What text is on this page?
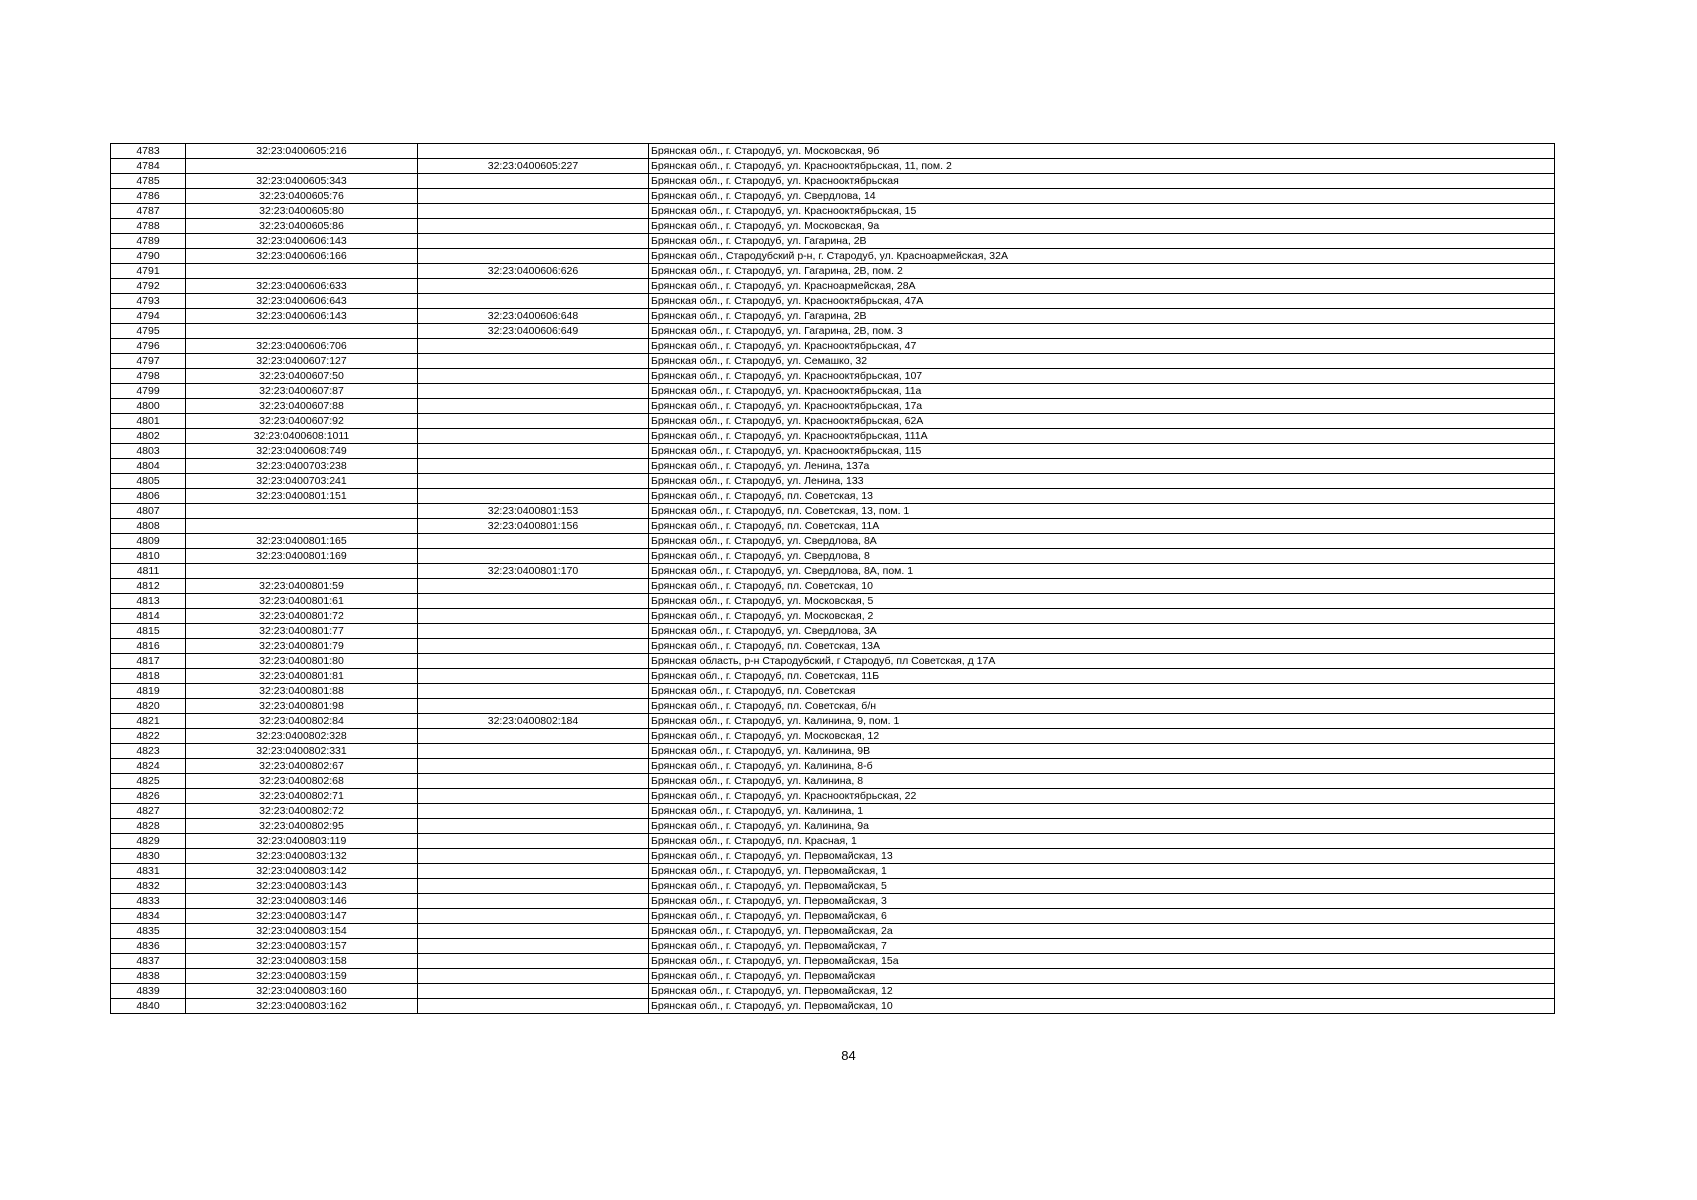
4783	32:23:0400605:216		Брянская обл., г. Стародуб, ул. Московская, 9б
4784		32:23:0400605:227	Брянская обл., г. Стародуб, ул. Краснооктябрьская, 11, пом. 2
4785	32:23:0400605:343		Брянская обл., г. Стародуб, ул. Краснооктябрьская
4786	32:23:0400605:76		Брянская обл., г. Стародуб, ул. Свердлова, 14
4787	32:23:0400605:80		Брянская обл., г. Стародуб, ул. Краснооктябрьская, 15
4788	32:23:0400605:86		Брянская обл., г. Стародуб, ул. Московская, 9а
4789	32:23:0400606:143		Брянская обл., г. Стародуб, ул. Гагарина, 2В
4790	32:23:0400606:166		Брянская обл., Стародубский р-н, г. Стародуб, ул. Красноармейская, 32А
4791		32:23:0400606:626	Брянская обл., г. Стародуб, ул. Гагарина, 2В, пом. 2
4792	32:23:0400606:633		Брянская обл., г. Стародуб, ул. Красноармейская, 28А
4793	32:23:0400606:643		Брянская обл., г. Стародуб, ул. Краснооктябрьская, 47А
4794	32:23:0400606:143	32:23:0400606:648	Брянская обл., г. Стародуб, ул. Гагарина, 2В
4795		32:23:0400606:649	Брянская обл., г. Стародуб, ул. Гагарина, 2В, пом. 3
4796	32:23:0400606:706		Брянская обл., г. Стародуб, ул. Краснооктябрьская, 47
4797	32:23:0400607:127		Брянская обл., г. Стародуб, ул. Семашко, 32
4798	32:23:0400607:50		Брянская обл., г. Стародуб, ул. Краснооктябрьская, 107
4799	32:23:0400607:87		Брянская обл., г. Стародуб, ул. Краснооктябрьская, 11а
4800	32:23:0400607:88		Брянская обл., г. Стародуб, ул. Краснооктябрьская, 17а
4801	32:23:0400607:92		Брянская обл., г. Стародуб, ул. Краснооктябрьская, 62А
4802	32:23:0400608:1011		Брянская обл., г. Стародуб, ул. Краснооктябрьская, 111А
4803	32:23:0400608:749		Брянская обл., г. Стародуб, ул. Краснооктябрьская, 115
4804	32:23:0400703:238		Брянская обл., г. Стародуб, ул. Ленина, 137а
4805	32:23:0400703:241		Брянская обл., г. Стародуб, ул. Ленина, 133
4806	32:23:0400801:151		Брянская обл., г. Стародуб, пл. Советская, 13
4807		32:23:0400801:153	Брянская обл., г. Стародуб, пл. Советская, 13, пом. 1
4808		32:23:0400801:156	Брянская обл., г. Стародуб, пл. Советская, 11А
4809	32:23:0400801:165		Брянская обл., г. Стародуб, ул. Свердлова, 8А
4810	32:23:0400801:169		Брянская обл., г. Стародуб, ул. Свердлова, 8
4811		32:23:0400801:170	Брянская обл., г. Стародуб, ул. Свердлова, 8А, пом. 1
4812	32:23:0400801:59		Брянская обл., г. Стародуб, пл. Советская, 10
4813	32:23:0400801:61		Брянская обл., г. Стародуб, ул. Московская, 5
4814	32:23:0400801:72		Брянская обл., г. Стародуб, ул. Московская, 2
4815	32:23:0400801:77		Брянская обл., г. Стародуб, ул. Свердлова, 3А
4816	32:23:0400801:79		Брянская обл., г. Стародуб, пл. Советская, 13А
4817	32:23:0400801:80		Брянская область, р-н Стародубский, г Стародуб, пл Советская, д 17А
4818	32:23:0400801:81		Брянская обл., г. Стародуб, пл. Советская, 11Б
4819	32:23:0400801:88		Брянская обл., г. Стародуб, пл. Советская
4820	32:23:0400801:98		Брянская обл., г. Стародуб, пл. Советская, б/н
4821	32:23:0400802:84	32:23:0400802:184	Брянская обл., г. Стародуб, ул. Калинина, 9, пом. 1
4822	32:23:0400802:328		Брянская обл., г. Стародуб, ул. Московская, 12
4823	32:23:0400802:331		Брянская обл., г. Стародуб, ул. Калинина, 9В
4824	32:23:0400802:67		Брянская обл., г. Стародуб, ул. Калинина, 8-б
4825	32:23:0400802:68		Брянская обл., г. Стародуб, ул. Калинина, 8
4826	32:23:0400802:71		Брянская обл., г. Стародуб, ул. Краснооктябрьская, 22
4827	32:23:0400802:72		Брянская обл., г. Стародуб, ул. Калинина, 1
4828	32:23:0400802:95		Брянская обл., г. Стародуб, ул. Калинина, 9а
4829	32:23:0400803:119		Брянская обл., г. Стародуб, пл. Красная, 1
4830	32:23:0400803:132		Брянская обл., г. Стародуб, ул. Первомайская, 13
4831	32:23:0400803:142		Брянская обл., г. Стародуб, ул. Первомайская, 1
4832	32:23:0400803:143		Брянская обл., г. Стародуб, ул. Первомайская, 5
4833	32:23:0400803:146		Брянская обл., г. Стародуб, ул. Первомайская, 3
4834	32:23:0400803:147		Брянская обл., г. Стародуб, ул. Первомайская, 6
4835	32:23:0400803:154		Брянская обл., г. Стародуб, ул. Первомайская, 2а
4836	32:23:0400803:157		Брянская обл., г. Стародуб, ул. Первомайская, 7
4837	32:23:0400803:158		Брянская обл., г. Стародуб, ул. Первомайская, 15а
4838	32:23:0400803:159		Брянская обл., г. Стародуб, ул. Первомайская
4839	32:23:0400803:160		Брянская обл., г. Стародуб, ул. Первомайская, 12
4840	32:23:0400803:162		Брянская обл., г. Стародуб, ул. Первомайская, 10
84
